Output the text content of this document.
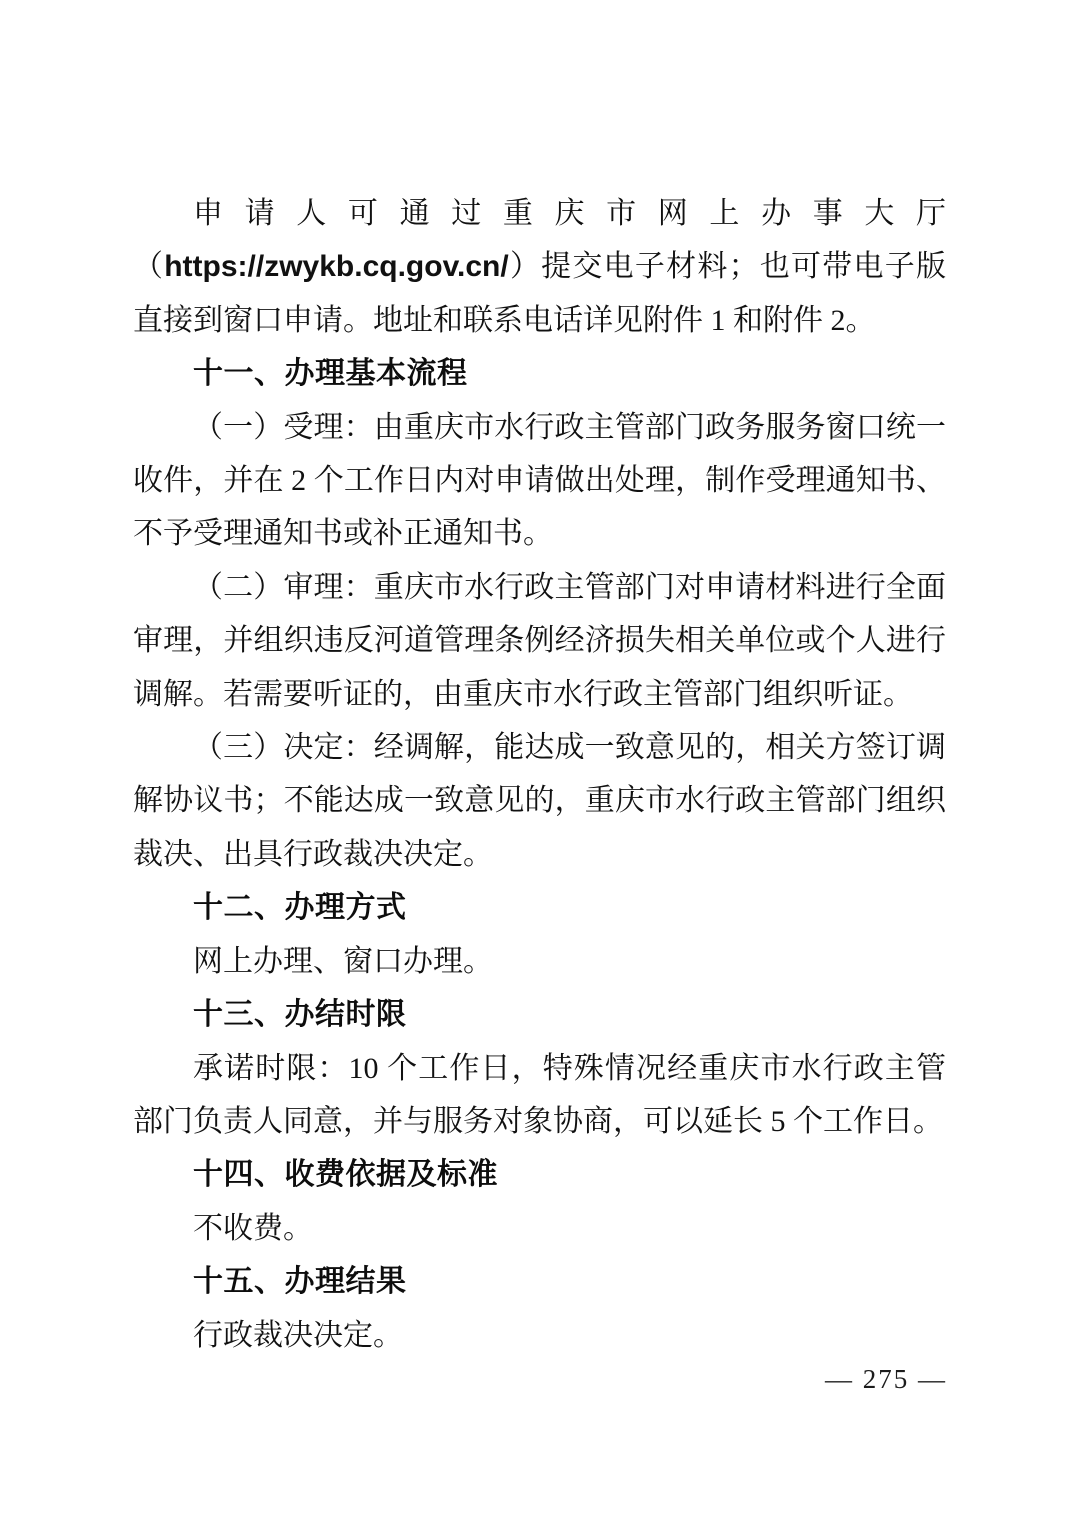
申请人可通过重庆市网上办事大厅（https://zwykb.cq.gov.cn/）提交电子材料；也可带电子版直接到窗口申请。地址和联系电话详见附件 1 和附件 2。

十一、办理基本流程

（一）受理：由重庆市水行政主管部门政务服务窗口统一收件，并在 2 个工作日内对申请做出处理，制作受理通知书、不予受理通知书或补正通知书。

（二）审理：重庆市水行政主管部门对申请材料进行全面审理，并组织违反河道管理条例经济损失相关单位或个人进行调解。若需要听证的，由重庆市水行政主管部门组织听证。

（三）决定：经调解，能达成一致意见的，相关方签订调解协议书；不能达成一致意见的，重庆市水行政主管部门组织裁决、出具行政裁决决定。

十二、办理方式

网上办理、窗口办理。

十三、办结时限

承诺时限：10 个工作日，特殊情况经重庆市水行政主管部门负责人同意，并与服务对象协商，可以延长 5 个工作日。

十四、收费依据及标准

不收费。

十五、办理结果

行政裁决决定。

— 275 —
